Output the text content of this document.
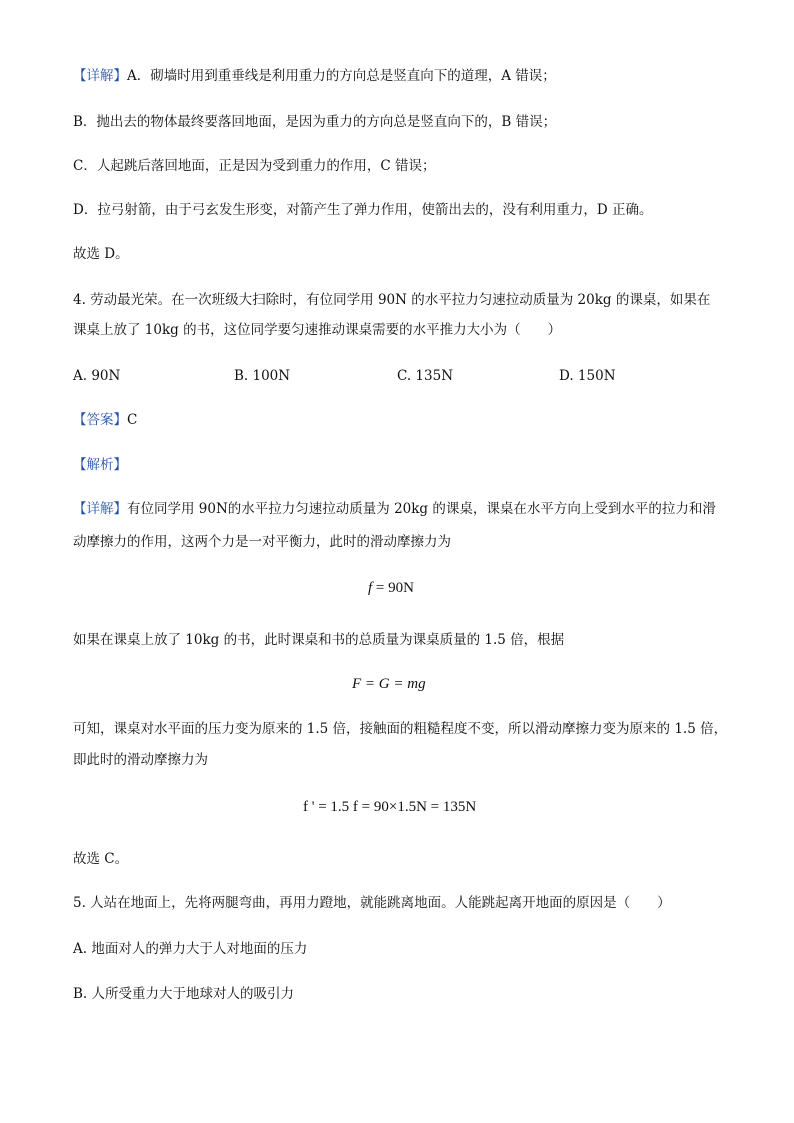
【详解】A．砌墙时用到重垂线是利用重力的方向总是竖直向下的道理，A 错误；
B．抛出去的物体最终要落回地面，是因为重力的方向总是竖直向下的，B 错误；
C．人起跳后落回地面，正是因为受到重力的作用，C 错误；
D．拉弓射箭，由于弓玄发生形变，对箭产生了弹力作用，使箭出去的，没有利用重力，D 正确。
故选 D。
4. 劳动最光荣。在一次班级大扫除时，有位同学用 90N 的水平拉力匀速拉动质量为 20kg 的课桌，如果在
课桌上放了 10kg 的书，这位同学要匀速推动课桌需要的水平推力大小为（　　）
A. 90N	B. 100N	C. 135N	D. 150N
【答案】C
【解析】
【详解】有位同学用 90N的水平拉力匀速拉动质量为 20kg 的课桌，课桌在水平方向上受到水平的拉力和滑
动摩擦力的作用，这两个力是一对平衡力，此时的滑动摩擦力为
f = 90N
如果在课桌上放了 10kg 的书，此时课桌和书的总质量为课桌质量的 1.5 倍，根据
F = G = mg
可知，课桌对水平面的压力变为原来的 1.5 倍，接触面的粗糙程度不变，所以滑动摩擦力变为原来的 1.5 倍，
即此时的滑动摩擦力为
f ' = 1.5 f = 90×1.5N = 135N
故选 C。
5. 人站在地面上，先将两腿弯曲，再用力蹬地，就能跳离地面。人能跳起离开地面的原因是（　　）
A. 地面对人的弹力大于人对地面的压力
B. 人所受重力大于地球对人的吸引力
